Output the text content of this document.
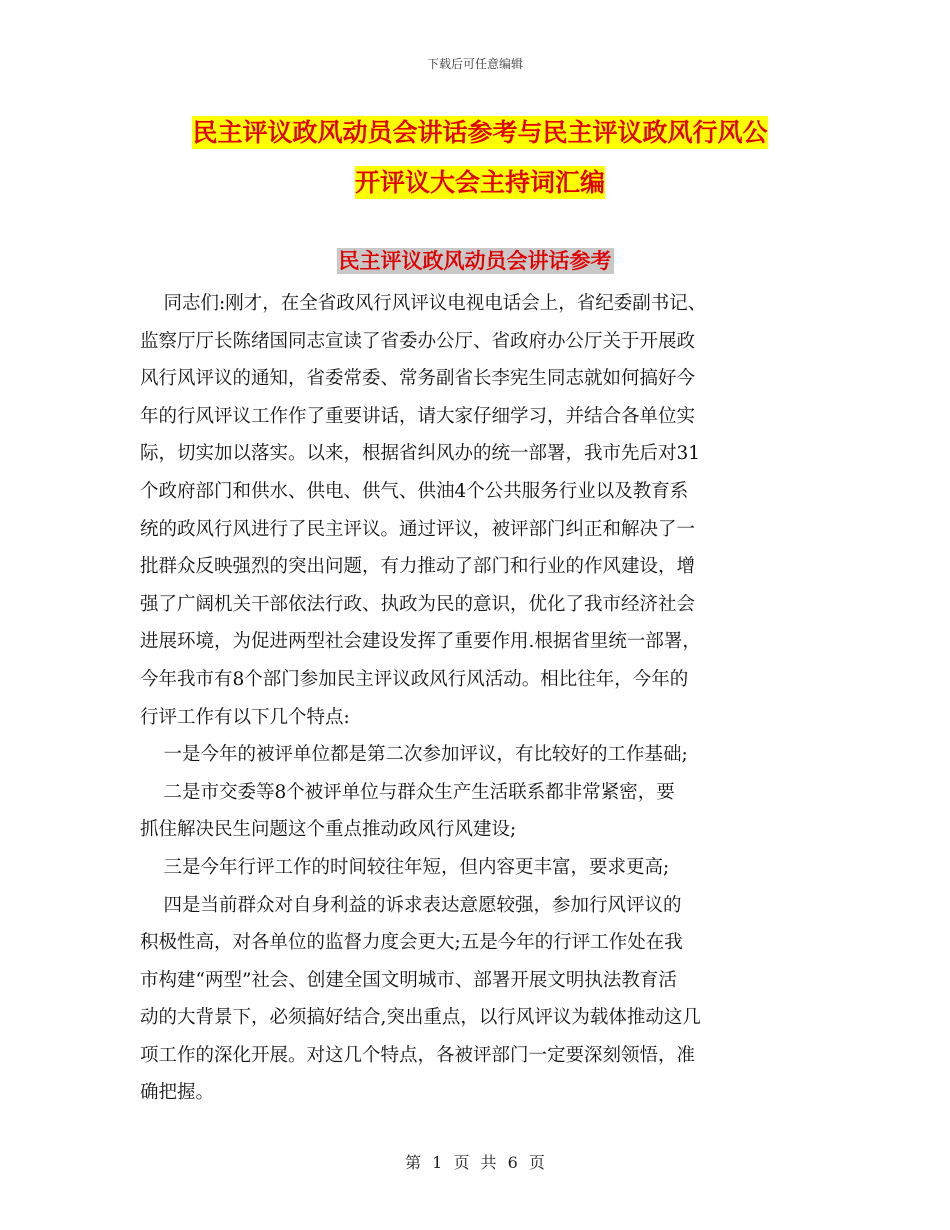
下载后可任意编辑
民主评议政风动员会讲话参考与民主评议政风行风公
开评议大会主持词汇编
民主评议政风动员会讲话参考
同志们:刚才，在全省政风行风评议电视电话会上，省纪委副书记、
监察厅厅长陈绪国同志宣读了省委办公厅、省政府办公厅关于开展政
风行风评议的通知，省委常委、常务副省长李宪生同志就如何搞好今
年的行风评议工作作了重要讲话，请大家仔细学习，并结合各单位实
际，切实加以落实。以来，根据省纠风办的统一部署，我市先后对31
个政府部门和供水、供电、供气、供油4个公共服务行业以及教育系
统的政风行风进行了民主评议。通过评议，被评部门纠正和解决了一
批群众反映强烈的突出问题，有力推动了部门和行业的作风建设，增
强了广阔机关干部依法行政、执政为民的意识，优化了我市经济社会
进展环境，为促进两型社会建设发挥了重要作用.根据省里统一部署，
今年我市有8个部门参加民主评议政风行风活动。相比往年，今年的
行评工作有以下几个特点:
一是今年的被评单位都是第二次参加评议，有比较好的工作基础;
二是市交委等8个被评单位与群众生产生活联系都非常紧密，要
抓住解决民生问题这个重点推动政风行风建设;
三是今年行评工作的时间较往年短，但内容更丰富，要求更高;
四是当前群众对自身利益的诉求表达意愿较强，参加行风评议的
积极性高，对各单位的监督力度会更大;五是今年的行评工作处在我
市构建“两型”社会、创建全国文明城市、部署开展文明执法教育活
动的大背景下，必须搞好结合,突出重点，以行风评议为载体推动这几
项工作的深化开展。对这几个特点，各被评部门一定要深刻领悟，准
确把握。
第 1 页 共 6 页
